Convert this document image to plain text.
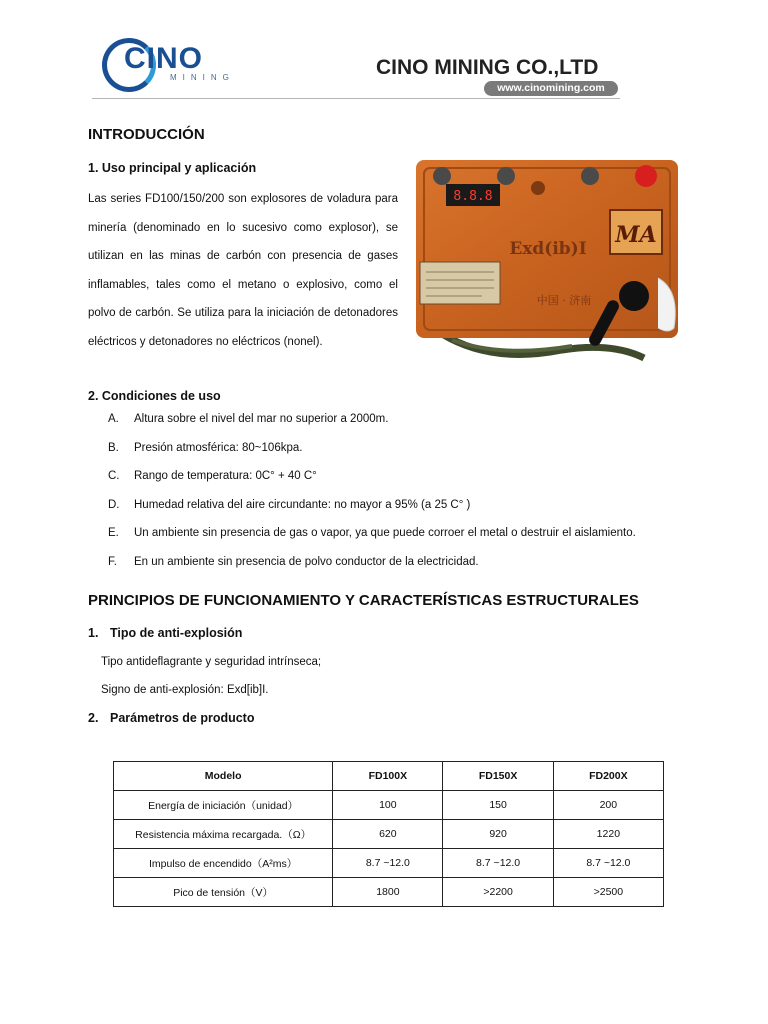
CINO
MINING	CINO MINING CO.,LTD
www.cinomining.com
INTRODUCCIÓN
1. Uso principal y aplicación

Las series FD100/150/200 son explosores de voladura para minería (denominado en lo sucesivo como explosor), se utilizan en las minas de carbón con presencia de gases inflamables, tales como el metano o explosivo, como el polvo de carbón. Se utiliza para la iniciación de detonadores eléctricos y detonadores no eléctricos (nonel).

8.8.8
MA
Exd(ib)I
中国 · 济南
2. Condiciones de uso
A. Altura sobre el nivel del mar no superior a 2000m.
B. Presión atmosférica: 80~106kpa.
C. Rango de temperatura: 0C° + 40 C°
D. Humedad relativa del aire circundante: no mayor a 95% (a 25 C° )
E. Un ambiente sin presencia de gas o vapor, ya que puede corroer el metal o destruir el aislamiento.
F. En un ambiente sin presencia de polvo conductor de la electricidad.
PRINCIPIOS DE FUNCIONAMIENTO Y CARACTERÍSTICAS ESTRUCTURALES
1. Tipo de anti-explosión
Tipo antideflagrante y seguridad intrínseca;
Signo de anti-explosión: Exd[ib]I.
2. Parámetros de producto
Modelo	FD100X	FD150X	FD200X
Energía de iniciación（unidad）	100	150	200
Resistencia máxima recargada.（Ω）	620	920	1220
Impulso de encendido（A²ms）	8.7 ~12.0	8.7 ~12.0	8.7 ~12.0
Pico de tensión（V）	1800	>2200	>2500
